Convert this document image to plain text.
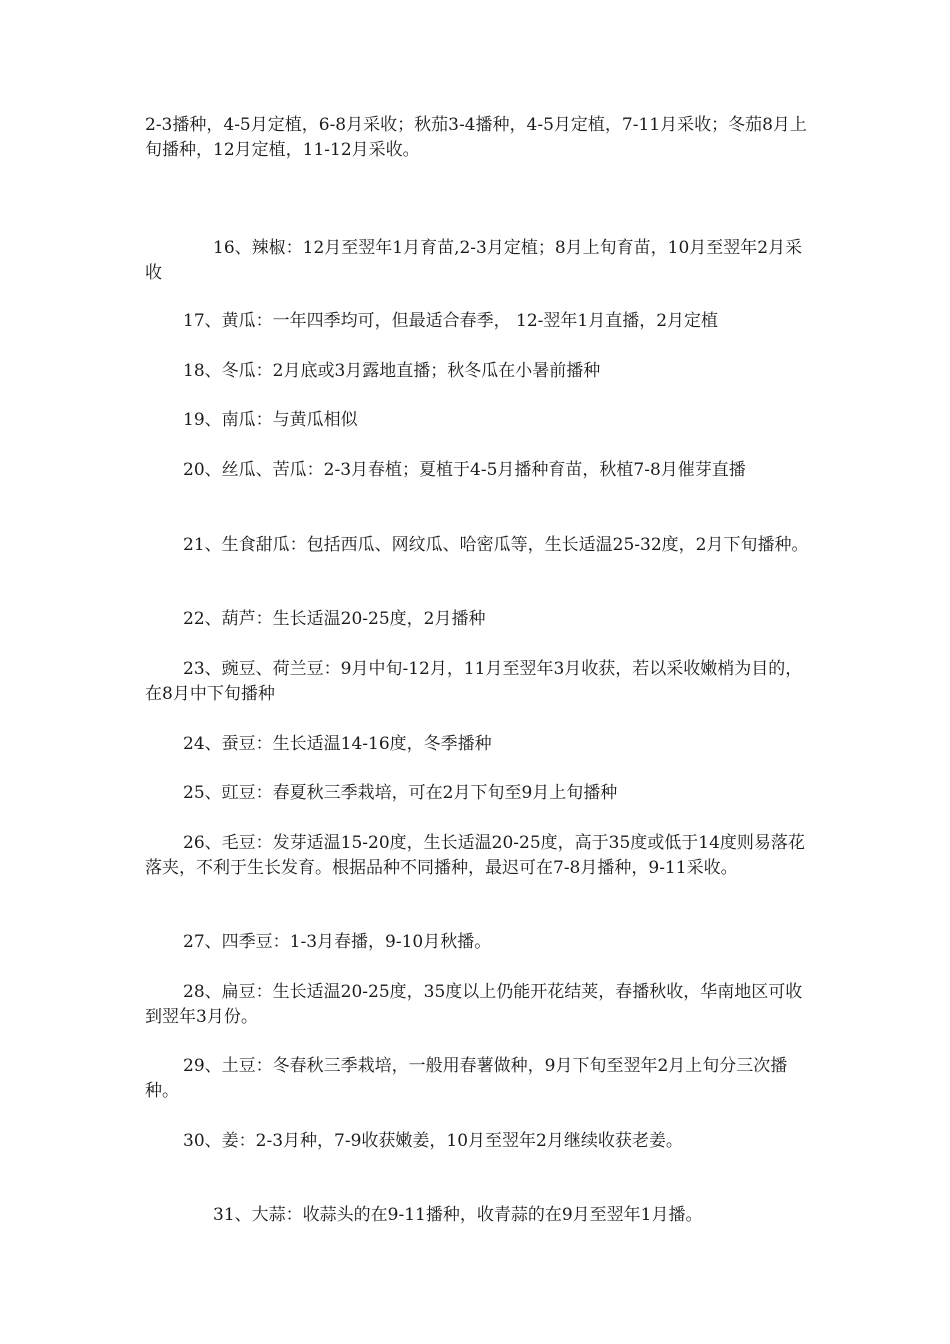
2-3播种，4-5月定植，6-8月采收；秋茄3-4播种，4-5月定植，7-11月采收；冬茄8月上旬播种，12月定植，11-12月采收。

16、辣椒：12月至翌年1月育苗,2-3月定植；8月上旬育苗，10月至翌年2月采收

17、黄瓜：一年四季均可，但最适合春季， 12-翌年1月直播，2月定植

18、冬瓜：2月底或3月露地直播；秋冬瓜在小暑前播种

19、南瓜：与黄瓜相似

20、丝瓜、苦瓜：2-3月春植；夏植于4-5月播种育苗，秋植7-8月催芽直播

21、生食甜瓜：包括西瓜、网纹瓜、哈密瓜等，生长适温25-32度，2月下旬播种。

22、葫芦：生长适温20-25度，2月播种

23、豌豆、荷兰豆：9月中旬-12月，11月至翌年3月收获，若以采收嫩梢为目的，在8月中下旬播种

24、蚕豆：生长适温14-16度，冬季播种

25、豇豆：春夏秋三季栽培，可在2月下旬至9月上旬播种

26、毛豆：发芽适温15-20度，生长适温20-25度，高于35度或低于14度则易落花落夹，不利于生长发育。根据品种不同播种，最迟可在7-8月播种，9-11采收。

27、四季豆：1-3月春播，9-10月秋播。

28、扁豆：生长适温20-25度，35度以上仍能开花结荚，春播秋收，华南地区可收到翌年3月份。

29、土豆：冬春秋三季栽培，一般用春薯做种，9月下旬至翌年2月上旬分三次播种。

30、姜：2-3月种，7-9收获嫩姜，10月至翌年2月继续收获老姜。

31、大蒜：收蒜头的在9-11播种，收青蒜的在9月至翌年1月播。
